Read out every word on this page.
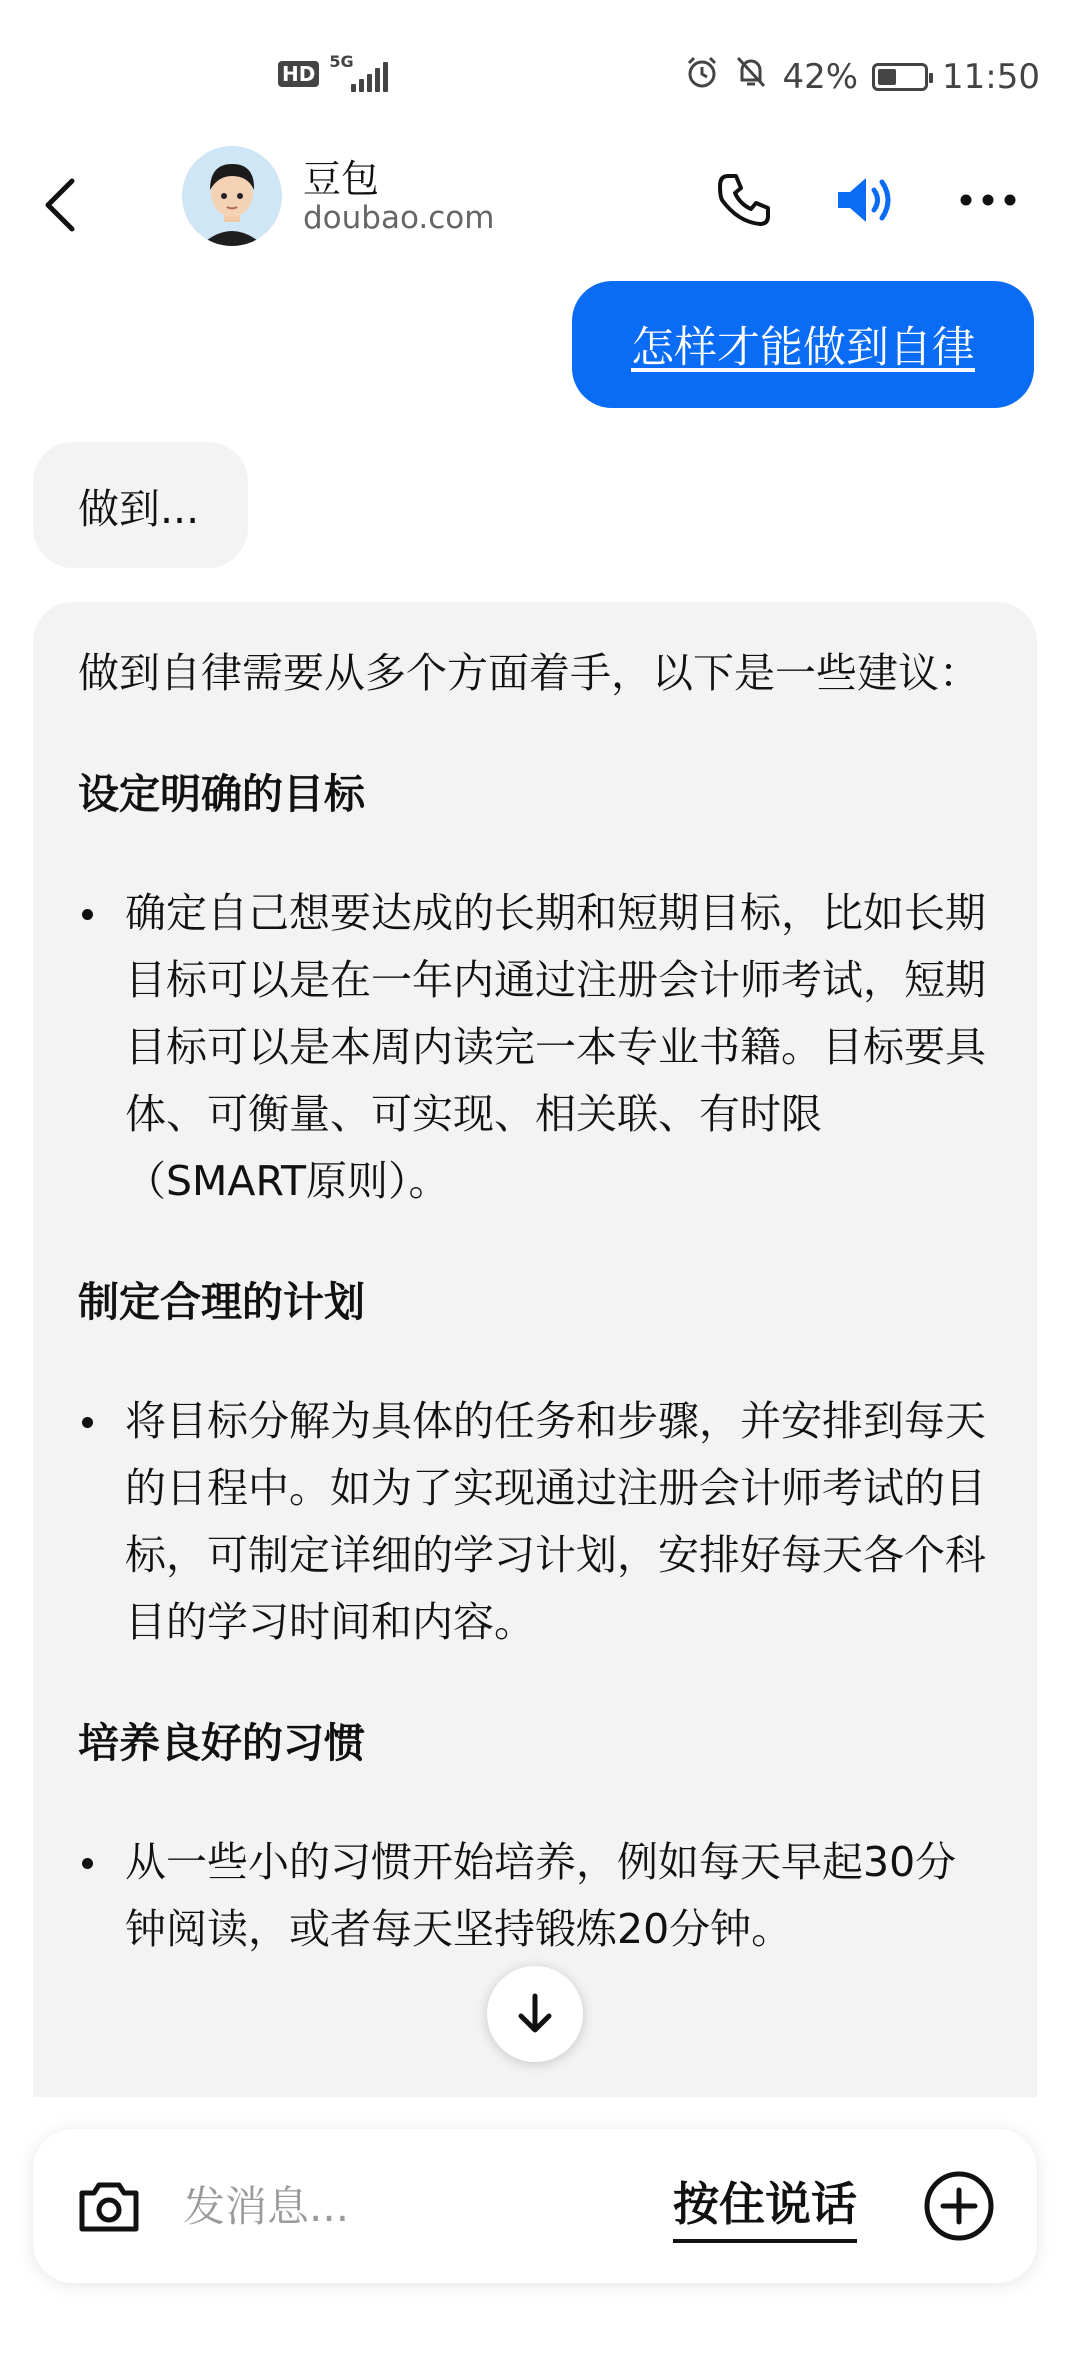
HD
5G	42% 11:50
豆包
doubao.com
怎样才能做到自律
做到...
做到自律需要从多个方面着手，以下是一些建议：
设定明确的目标
确定自己想要达成的长期和短期目标，比如长期目标可以是在一年内通过注册会计师考试，短期目标可以是本周内读完一本专业书籍。目标要具体、可衡量、可实现、相关联、有时限（SMART原则）。
制定合理的计划
将目标分解为具体的任务和步骤，并安排到每天的日程中。如为了实现通过注册会计师考试的目标，可制定详细的学习计划，安排好每天各个科目的学习时间和内容。
培养良好的习惯
从一些小的习惯开始培养，例如每天早起30分钟阅读，或者每天坚持锻炼20分钟。
发消息...
按住说话
